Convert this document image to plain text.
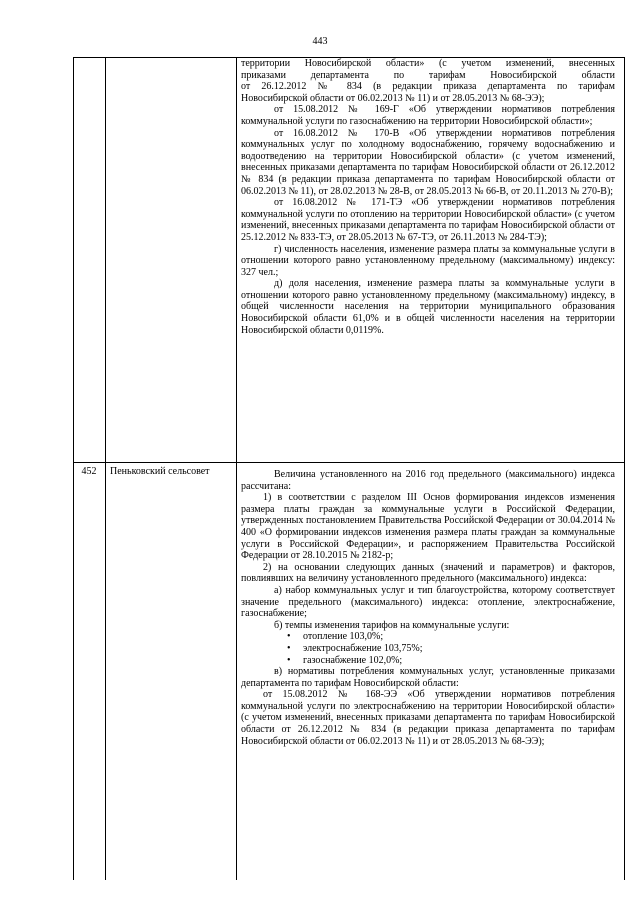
443
452	Пеньковский сельсовет

территории Новосибирской области» (с учетом изменений, внесенных

приказами департамента по тарифам Новосибирской области

от 26.12.2012 № 834 (в редакции приказа департамента по тарифам

Новосибирской области от 06.02.2013 № 11) и от 28.05.2013 № 68-ЭЭ);

от 15.08.2012 № 169-Г «Об утверждении нормативов потребления коммунальной услуги по газоснабжению на территории Новосибирской области»;

от 16.08.2012 № 170-В «Об утверждении нормативов потребления коммунальных услуг по холодному водоснабжению, горячему водоснабжению и водоотведению на территории Новосибирской области» (с учетом изменений, внесенных приказами департамента по тарифам Новосибирской области от 26.12.2012 № 834 (в редакции приказа департамента по тарифам Новосибирской области от 06.02.2013 № 11), от 28.02.2013 № 28-В, от 28.05.2013 № 66-В, от 20.11.2013 № 270-В);

от 16.08.2012 № 171-ТЭ «Об утверждении нормативов потребления коммунальной услуги по отоплению на территории Новосибирской области» (с учетом изменений, внесенных приказами департамента по тарифам Новосибирской области от 25.12.2012 № 833-ТЭ, от 28.05.2013 № 67-ТЭ, от 26.11.2013 № 284-ТЭ);

г) численность населения, изменение размера платы за коммунальные услуги в отношении которого равно установленному предельному (максимальному) индексу: 327 чел.;

д) доля населения, изменение размера платы за коммунальные услуги в отношении которого равно установленному предельному (максимальному) индексу, в общей численности населения на территории муниципального образования Новосибирской области 61,0% и в общей численности населения на территории Новосибирской области 0,0119%.

Величина установленного на 2016 год предельного (максимального) индекса рассчитана:

1) в соответствии с разделом III Основ формирования индексов изменения размера платы граждан за коммунальные услуги в Российской Федерации, утвержденных постановлением Правительства Российской Федерации от 30.04.2014 № 400 «О формировании индексов изменения размера платы граждан за коммунальные услуги в Российской Федерации», и распоряжением Правительства Российской Федерации от 28.10.2015 № 2182-р;

2) на основании следующих данных (значений и параметров) и факторов, повлиявших на величину установленного предельного (максимального) индекса:

а) набор коммунальных услуг и тип благоустройства, которому соответствует значение предельного (максимального) индекса: отопление, электроснабжение, газоснабжение;

б) темпы изменения тарифов на коммунальные услуги:

• отопление 103,0%;
• электроснабжение 103,75%;
• газоснабжение 102,0%;

в) нормативы потребления коммунальных услуг, установленные приказами департамента по тарифам Новосибирской области:

от 15.08.2012 № 168-ЭЭ «Об утверждении нормативов потребления коммунальной услуги по электроснабжению на территории Новосибирской области» (с учетом изменений, внесенных приказами департамента по тарифам Новосибирской области от 26.12.2012 № 834 (в редакции приказа департамента по тарифам Новосибирской области от 06.02.2013 № 11) и от 28.05.2013 № 68-ЭЭ);
